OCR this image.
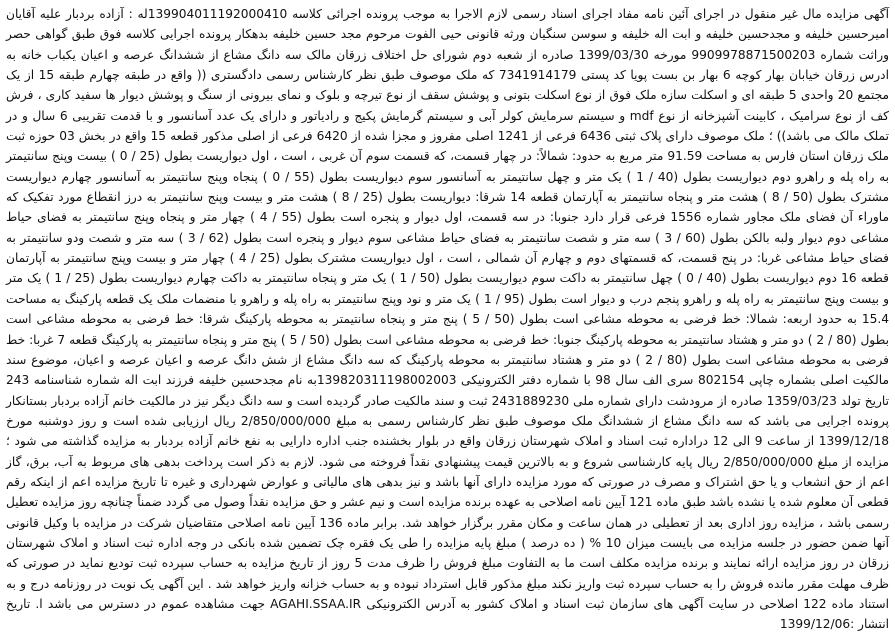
آگهی مزایده مال غیر منقول در اجرای آئین نامه مفاد اجرای اسناد رسمی لازم الاجرا به موجب پرونده اجرائی کلاسه 139904011192000410له : آزاده بردبار علیه آقایان امیرحسین خلیفه و مجدحسین خلیفه و ابت اله خلیفه و سوسن سنگیان ورثه قانونی حیی الفوت مرحوم مجد حسین خلیفه بدهکار پرونده اجرایی کلاسه فوق طبق گواهی حصر وراثت شماره 9909978871500203 مورخه 1399/03/30 صادره از شعبه دوم شورای حل اختلاف زرقان مالک سه دانگ مشاع از ششدانگ عرصه و اعیان یکباب خانه به ادرس زرقان خیابان بهار کوچه 6 بهار بن بست پویا کد پستی 7341914179 که ملک موصوف طبق نظر کارشناس رسمی دادگستری (( واقع در طبقه چهارم طبقه 15 از یک مجتمع 20 واحدی 5 طبقه ای و اسکلت سازه ملک فوق از نوع اسکلت بتونی و پوشش سقف از نوع تیرچه و بلوک و نمای بیرونی از سنگ و پوشش دیوار ها سفید کاری ، فرش کف از نوع سرامیک ، کابینت آشپزخانه از نوع mdf و سیستم سرمایش کولر آبی و سیستم گرمایش پکیج و رادیاتور و دارای یک عدد آسانسور و با قدمت تقریبی 6 سال و در تملک مالک می باشد)) ؛ ملک موصوف دارای پلاک ثبتی 6436 فرعی از 1241 اصلی مفروز و مجزا شده از 6420 فرعی از اصلی مذکور قطعه 15 واقع در بخش 03 حوزه ثبت ملک زرقان استان فارس به مساحت 91.59 متر مربع به حدود: شمالاً: در چهار قسمت، که قسمت سوم آن غربی ، است ، اول دیواریست بطول (25 / 0 ) بیست وپنج سانتیمتر به راه پله و راهرو دوم دیواریست بطول (40 / 1 ) یک متر و چهل سانتیمتر به آسانسور سوم دیواریست بطول (55 / 0 ) پنجاه وپنج سانتیمتر به آسانسور چهارم دیواریست مشترک بطول (50 / 8 ) هشت متر و پنجاه سانتیمتر به آپارتمان قطعه 14 شرقا: دیواریست بطول (25 / 8 ) هشت متر و بیست وپنج سانتیمتر به درز انقطاع مورد تفکیک که ماوراء آن فضای ملک مجاور شماره 1556 فرعی قرار دارد جنوبا: در سه قسمت، اول دیوار و پنجره است بطول (55 / 4 ) چهار متر و پنجاه وپنج سانتیمتر به فضای حیاط مشاعی دوم دیوار ولبه بالکن بطول (60 / 3 ) سه متر و شصت سانتیمتر به فضای حیاط مشاعی سوم دیوار و پنجره است بطول (62 / 3 ) سه متر و شصت ودو سانتیمتر به فضای حیاط مشاعی غربا: در پنج قسمت، که قسمتهای دوم و چهارم آن شمالی ، است ، اول دیواریست مشترک بطول (25 / 4 ) چهار متر و بیست وپنج سانتیمتر به آپارتمان قطعه 16 دوم دیواریست بطول (40 / 0 ) چهل سانتیمتر به داکت سوم دیواریست بطول (50 / 1 ) یک متر و پنجاه سانتیمتر به داکت چهارم دیواریست بطول (25 / 1 ) یک متر و بیست وپنج سانتیمتر به راه پله و راهرو پنجم درب و دیوار است بطول (95 / 1 ) یک متر و نود وپنج سانتیمتر به راه پله و راهرو با منضمات ملک یک قطعه پارکینگ به مساحت 15.4 به حدود اربعه: شمالا: خط فرضی به محوطه مشاعی است بطول (50 / 5 ) پنج متر و پنجاه سانتیمتر به محوطه پارکینگ شرقا: خط فرضی به محوطه مشاعی است بطول (80 / 2 ) دو متر و هشتاد سانتیمتر به محوطه پارکینگ جنوبا: خط فرضی به محوطه مشاعی است بطول (50 / 5 ) پنج متر و پنجاه سانتیمتر به پارکینگ قطعه 7 غربا: خط فرضی به محوطه مشاعی است بطول (80 / 2 ) دو متر و هشتاد سانتیمتر به محوطه پارکینگ که سه دانگ مشاع از شش دانگ عرصه و اعیان عرصه و اعیان، موضوع سند مالکیت اصلی بشماره چاپی 802154 سری الف سال 98 با شماره دفتر الکترونیکی 139820311198002003به نام مجدحسین خلیفه فرزند ابت اله شماره شناسنامه 243 تاریخ تولد 1359/03/23 صادره از مرودشت دارای شماره ملی 2431889230 ثبت و سند مالکیت صادر گردیده است و سه دانگ دیگر نیز در مالکیت خانم آزاده بردبار بستانکار پرونده اجرایی می باشد که سه دانگ مشاع از ششدانگ ملک موصوف طبق نظر کارشناس رسمی به مبلغ 2/850/000/000 ریال ارزیابی شده است و روز دوشنبه مورخ 1399/12/18 از ساعت 9 الی 12 دراداره ثبت اسناد و املاک شهرستان زرقان واقع در بلوار بخشنده جنب اداره دارایی به نفع خانم آزاده بردبار به مزایده گذاشته می شود ؛ مزایده از مبلغ 2/850/000/000 ریال پایه کارشناسی شروع و به بالاترین قیمت پیشنهادی نقداً فروخته می شود. لازم به ذکر است پرداخت بدهی های مربوط به آب، برق، گاز اعم از حق انشعاب و یا حق اشتراک و مصرف در صورتی که مورد مزایده دارای آنها باشد و نیز بدهی های مالیاتی و عوارض شهرداری و غیره تا تاریخ مزایده اعم از اینکه رقم قطعی آن معلوم شده یا نشده باشد طبق ماده 121 آیین نامه اصلاحی به عهده برنده مزایده است و نیم عشر و حق مزایده نقداً وصول می گردد ضمناً چنانچه روز مزایده تعطیل رسمی باشد ، مزایده روز اداری بعد از تعطیلی در همان ساعت و مکان مقرر برگزار خواهد شد. برابر ماده 136 آیین نامه اصلاحی متقاضیان شرکت در مزایده با وکیل قانونی آنها ضمن حضور در جلسه مزایده می بایست میزان 10 % ( ده درصد ) مبلغ پایه مزایده را طی یک فقره چک تضمین شده بانکی در وجه اداره ثبت اسناد و املاک شهرستان زرقان در روز مزایده ارائه نمایند و برنده مزایده مکلف است ما به التفاوت مبلغ فروش را ظرف مدت 5 روز از تاریخ مزایده به حساب سپرده ثبت تودیع نماید در صورتی که ظرف مهلت مقرر مانده فروش را به حساب سپرده ثبت واریز نکند مبلغ مذکور قابل استرداد نبوده و به حساب خزانه واریز خواهد شد . این آگهی یک نوبت در روزنامه درج و به استناد ماده 122 اصلاحی در سایت آگهی های سازمان ثبت اسناد و املاک کشور به آدرس الکترونیکی AGAHI.SSAA.IR جهت مشاهده عموم در دسترس می باشد ا. تاریخ انتشار :1399/12/06
